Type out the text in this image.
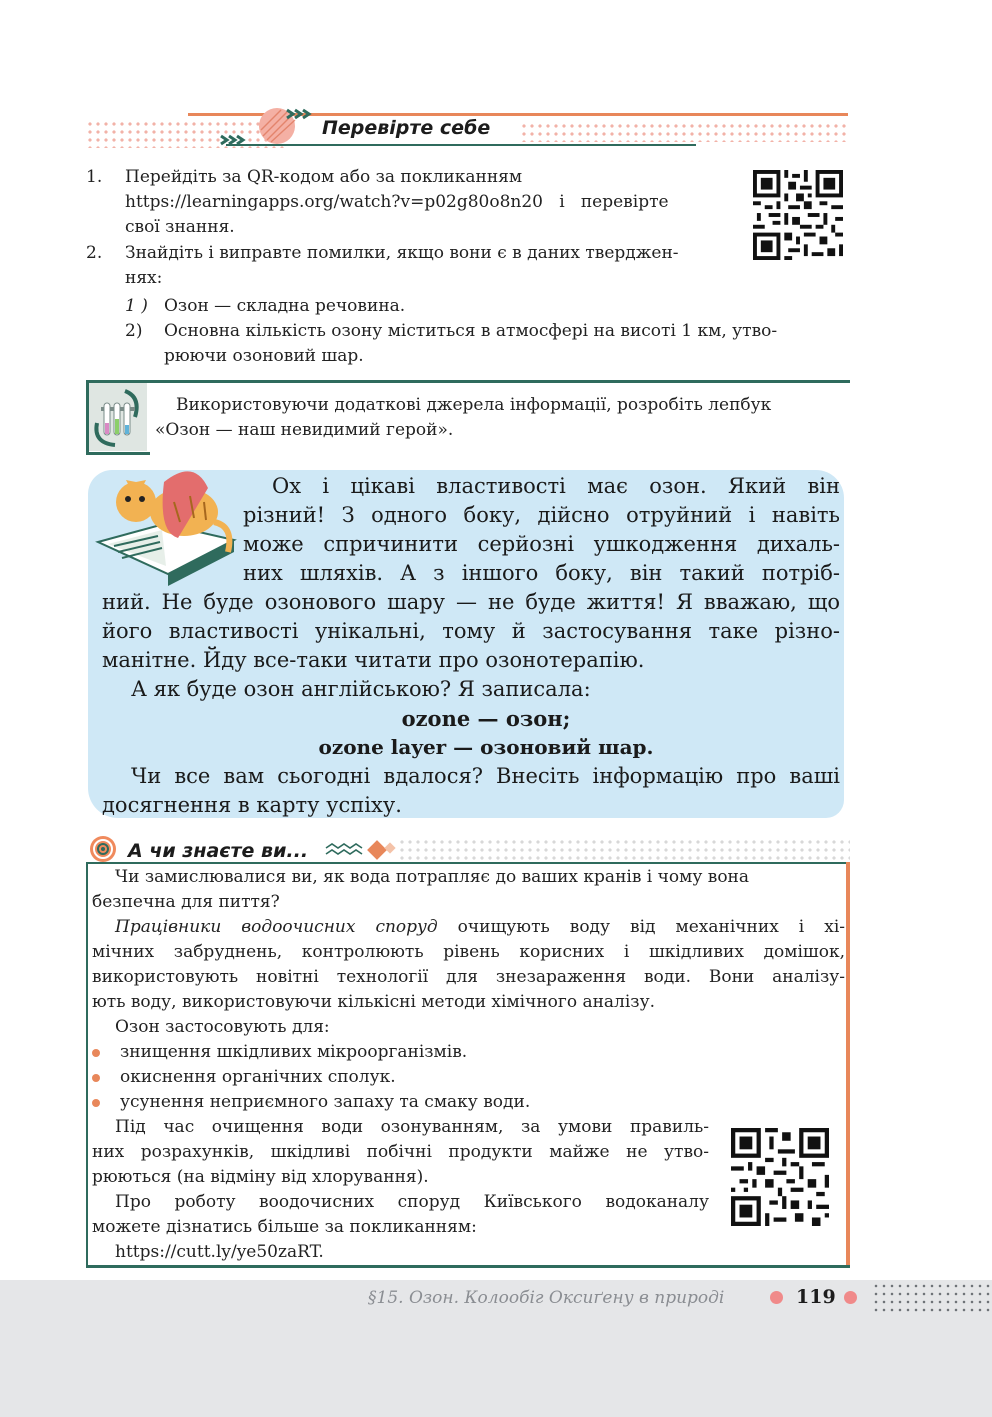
Перевірте себе
1. Перейдіть за QR-кодом або за покликанням
https://learningapps.org/watch?v=p02g80o8n20   і   перевірте
свої знання.
2. Знайдіть і виправте помилки, якщо вони є в даних тверджен-
нях:
1 ) Озон — складна речовина.
2) Основна кількість озону міститься в атмосфері на висоті 1 км, утво-
рюючи озоновий шар.
Використовуючи додаткові джерела інформації, розробіть лепбук
«Озон — наш невидимий герой».
Ох і цікаві властивості має озон. Який він
різний! З одного боку, дійсно отруйний і навіть
може спричинити серйозні ушкодження дихаль-
них шляхів. А з іншого боку, він такий потріб-
ний. Не буде озонового шару — не буде життя! Я вважаю, що
його властивості унікальні, тому й застосування таке різно-
манітне. Йду все-таки читати про озонотерапію.
А як буде озон англійською? Я записала:
ozone — озон;
ozone layer — озоновий шар.
Чи все вам сьогодні вдалося? Внесіть інформацію про ваші
досягнення в карту успіху.
А чи знаєте ви...
Чи замислювалися ви, як вода потрапляє до ваших кранів і чому вона
безпечна для пиття?
Працівники водоочисних споруд очищують воду від механічних і хі-
мічних забруднень, контролюють рівень корисних і шкідливих домішок,
використовують новітні технології для знезараження води. Вони аналізу-
ють воду, використовуючи кількісні методи хімічного аналізу.
Озон застосовують для:
знищення шкідливих мікроорганізмів.
окиснення органічних сполук.
усунення неприємного запаху та смаку води.
Під час очищення води озонуванням, за умови правиль-
них розрахунків, шкідливі побічні продукти майже не утво-
рюються (на відміну від хлорування).
Про роботу воодочисних споруд Київського водоканалу
можете дізнатись більше за покликанням:
https://cutt.ly/ye50zaRT.
§15. Озон. Колообіг Оксиґену в природі	119
